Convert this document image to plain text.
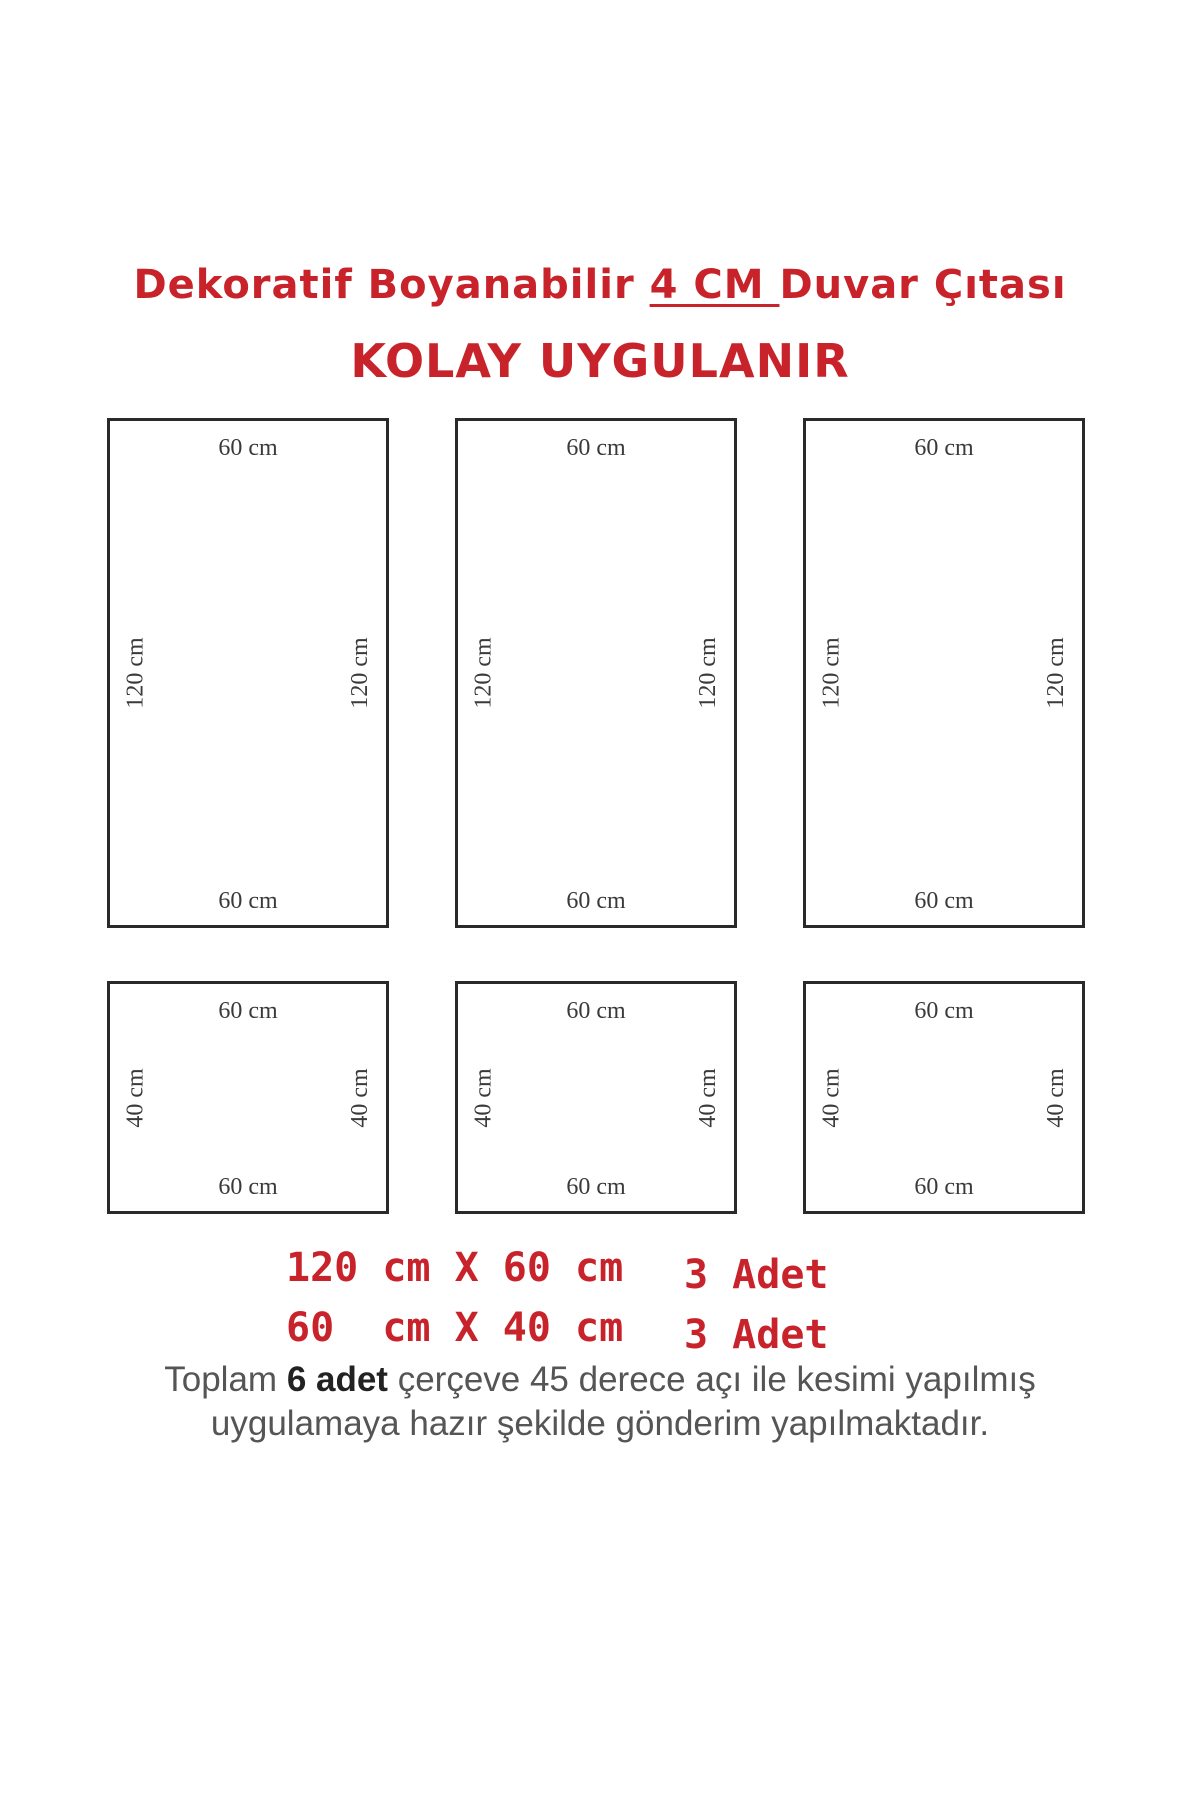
Dekoratif Boyanabilir 4 CM Duvar Çıtası
KOLAY UYGULANIR
60 cm
120 cm	120 cm
60 cm
60 cm
120 cm	120 cm
60 cm
60 cm
120 cm	120 cm
60 cm
60 cm
40 cm	40 cm
60 cm
60 cm
40 cm	40 cm
60 cm
60 cm
40 cm	40 cm
60 cm
120 cm X 60 cm 3 Adet
60  cm X 40 cm 3 Adet
Toplam 6 adet çerçeve 45 derece açı ile kesimi yapılmış
uygulamaya hazır şekilde gönderim yapılmaktadır.
